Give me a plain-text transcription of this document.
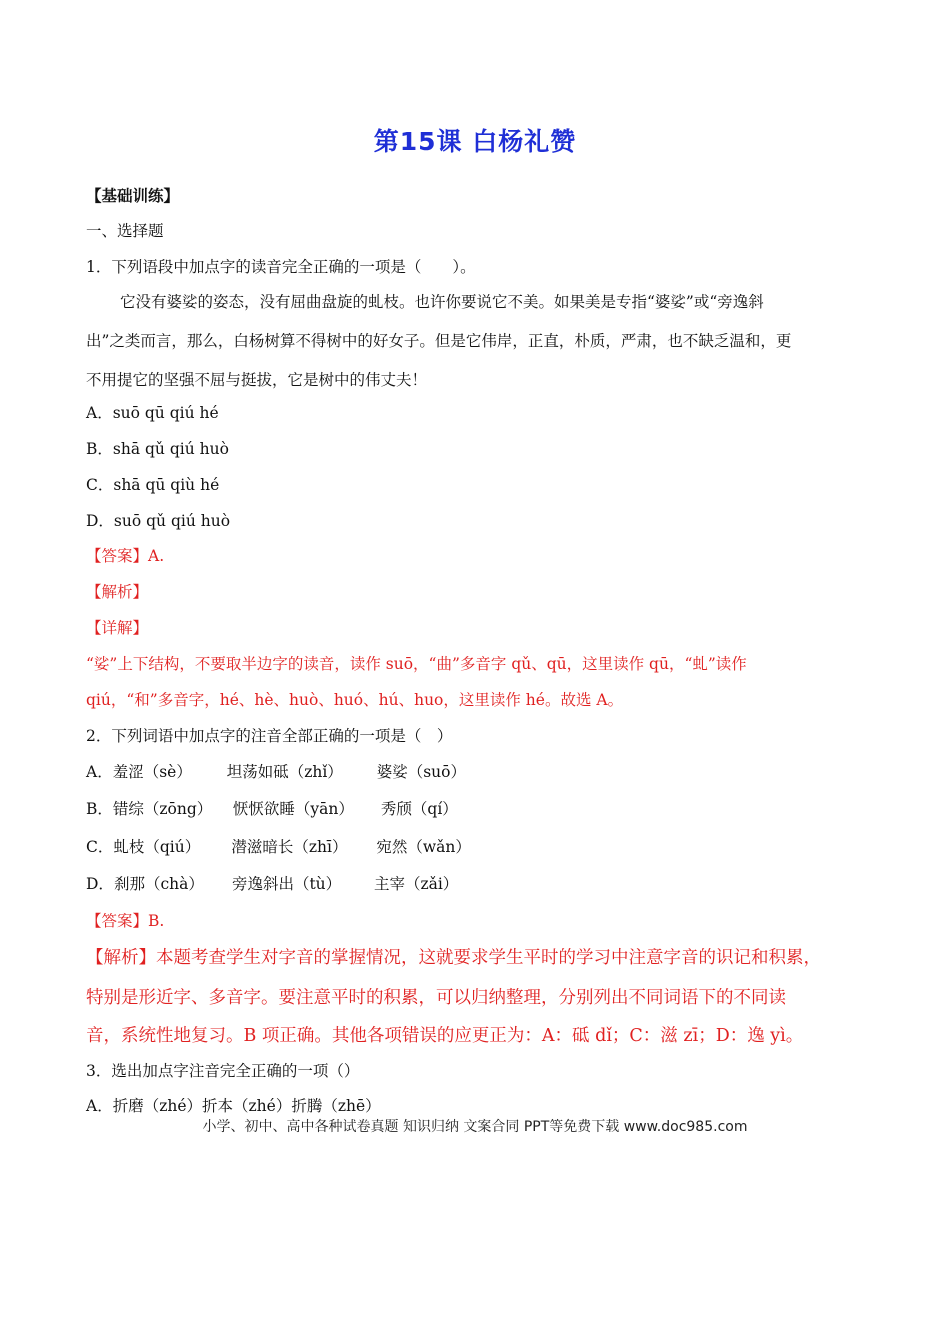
第15课 白杨礼赞
【基础训练】
一、选择题
1．下列语段中加点字的读音完全正确的一项是（　　）。
它没有婆娑的姿态，没有屈曲盘旋的虬枝。也许你要说它不美。如果美是专指“婆娑”或“旁逸斜
出”之类而言，那么，白杨树算不得树中的好女子。但是它伟岸，正直，朴质，严肃，也不缺乏温和，更
不用提它的坚强不屈与挺拔，它是树中的伟丈夫！
A．suō qū qiú hé
B．shā qǔ qiú huò
C．shā qū qiù hé
D．suō qǔ qiú huò
【答案】A.
【解析】
【详解】
“娑”上下结构，不要取半边字的读音，读作 suō，“曲”多音字 qǔ、qū，这里读作 qū，“虬”读作
qiú，“和”多音字，hé、hè、huò、huó、hú、huo，这里读作 hé。故选 A。
2．下列词语中加点字的注音全部正确的一项是（　）
A．羞涩（sè） 坦荡如砥（zhǐ） 婆娑（suō）
B．错综（zōng） 恹恹欲睡（yān） 秀颀（qí）
C．虬枝（qiú） 潜滋暗长（zhī） 宛然（wǎn）
D．刹那（chà） 旁逸斜出（tù） 主宰（zǎi）
【答案】B.
【解析】本题考查学生对字音的掌握情况，这就要求学生平时的学习中注意字音的识记和积累，
特别是形近字、多音字。要注意平时的积累，可以归纳整理，分别列出不同词语下的不同读
音，系统性地复习。B 项正确。其他各项错误的应更正为：A：砥 dǐ；C：滋 zī；D：逸 yì。
3．选出加点字注音完全正确的一项（）
A．折磨（zhé）折本（zhé）折腾（zhē）
小学、初中、高中各种试卷真题 知识归纳 文案合同 PPT等免费下载 www.doc985.com
